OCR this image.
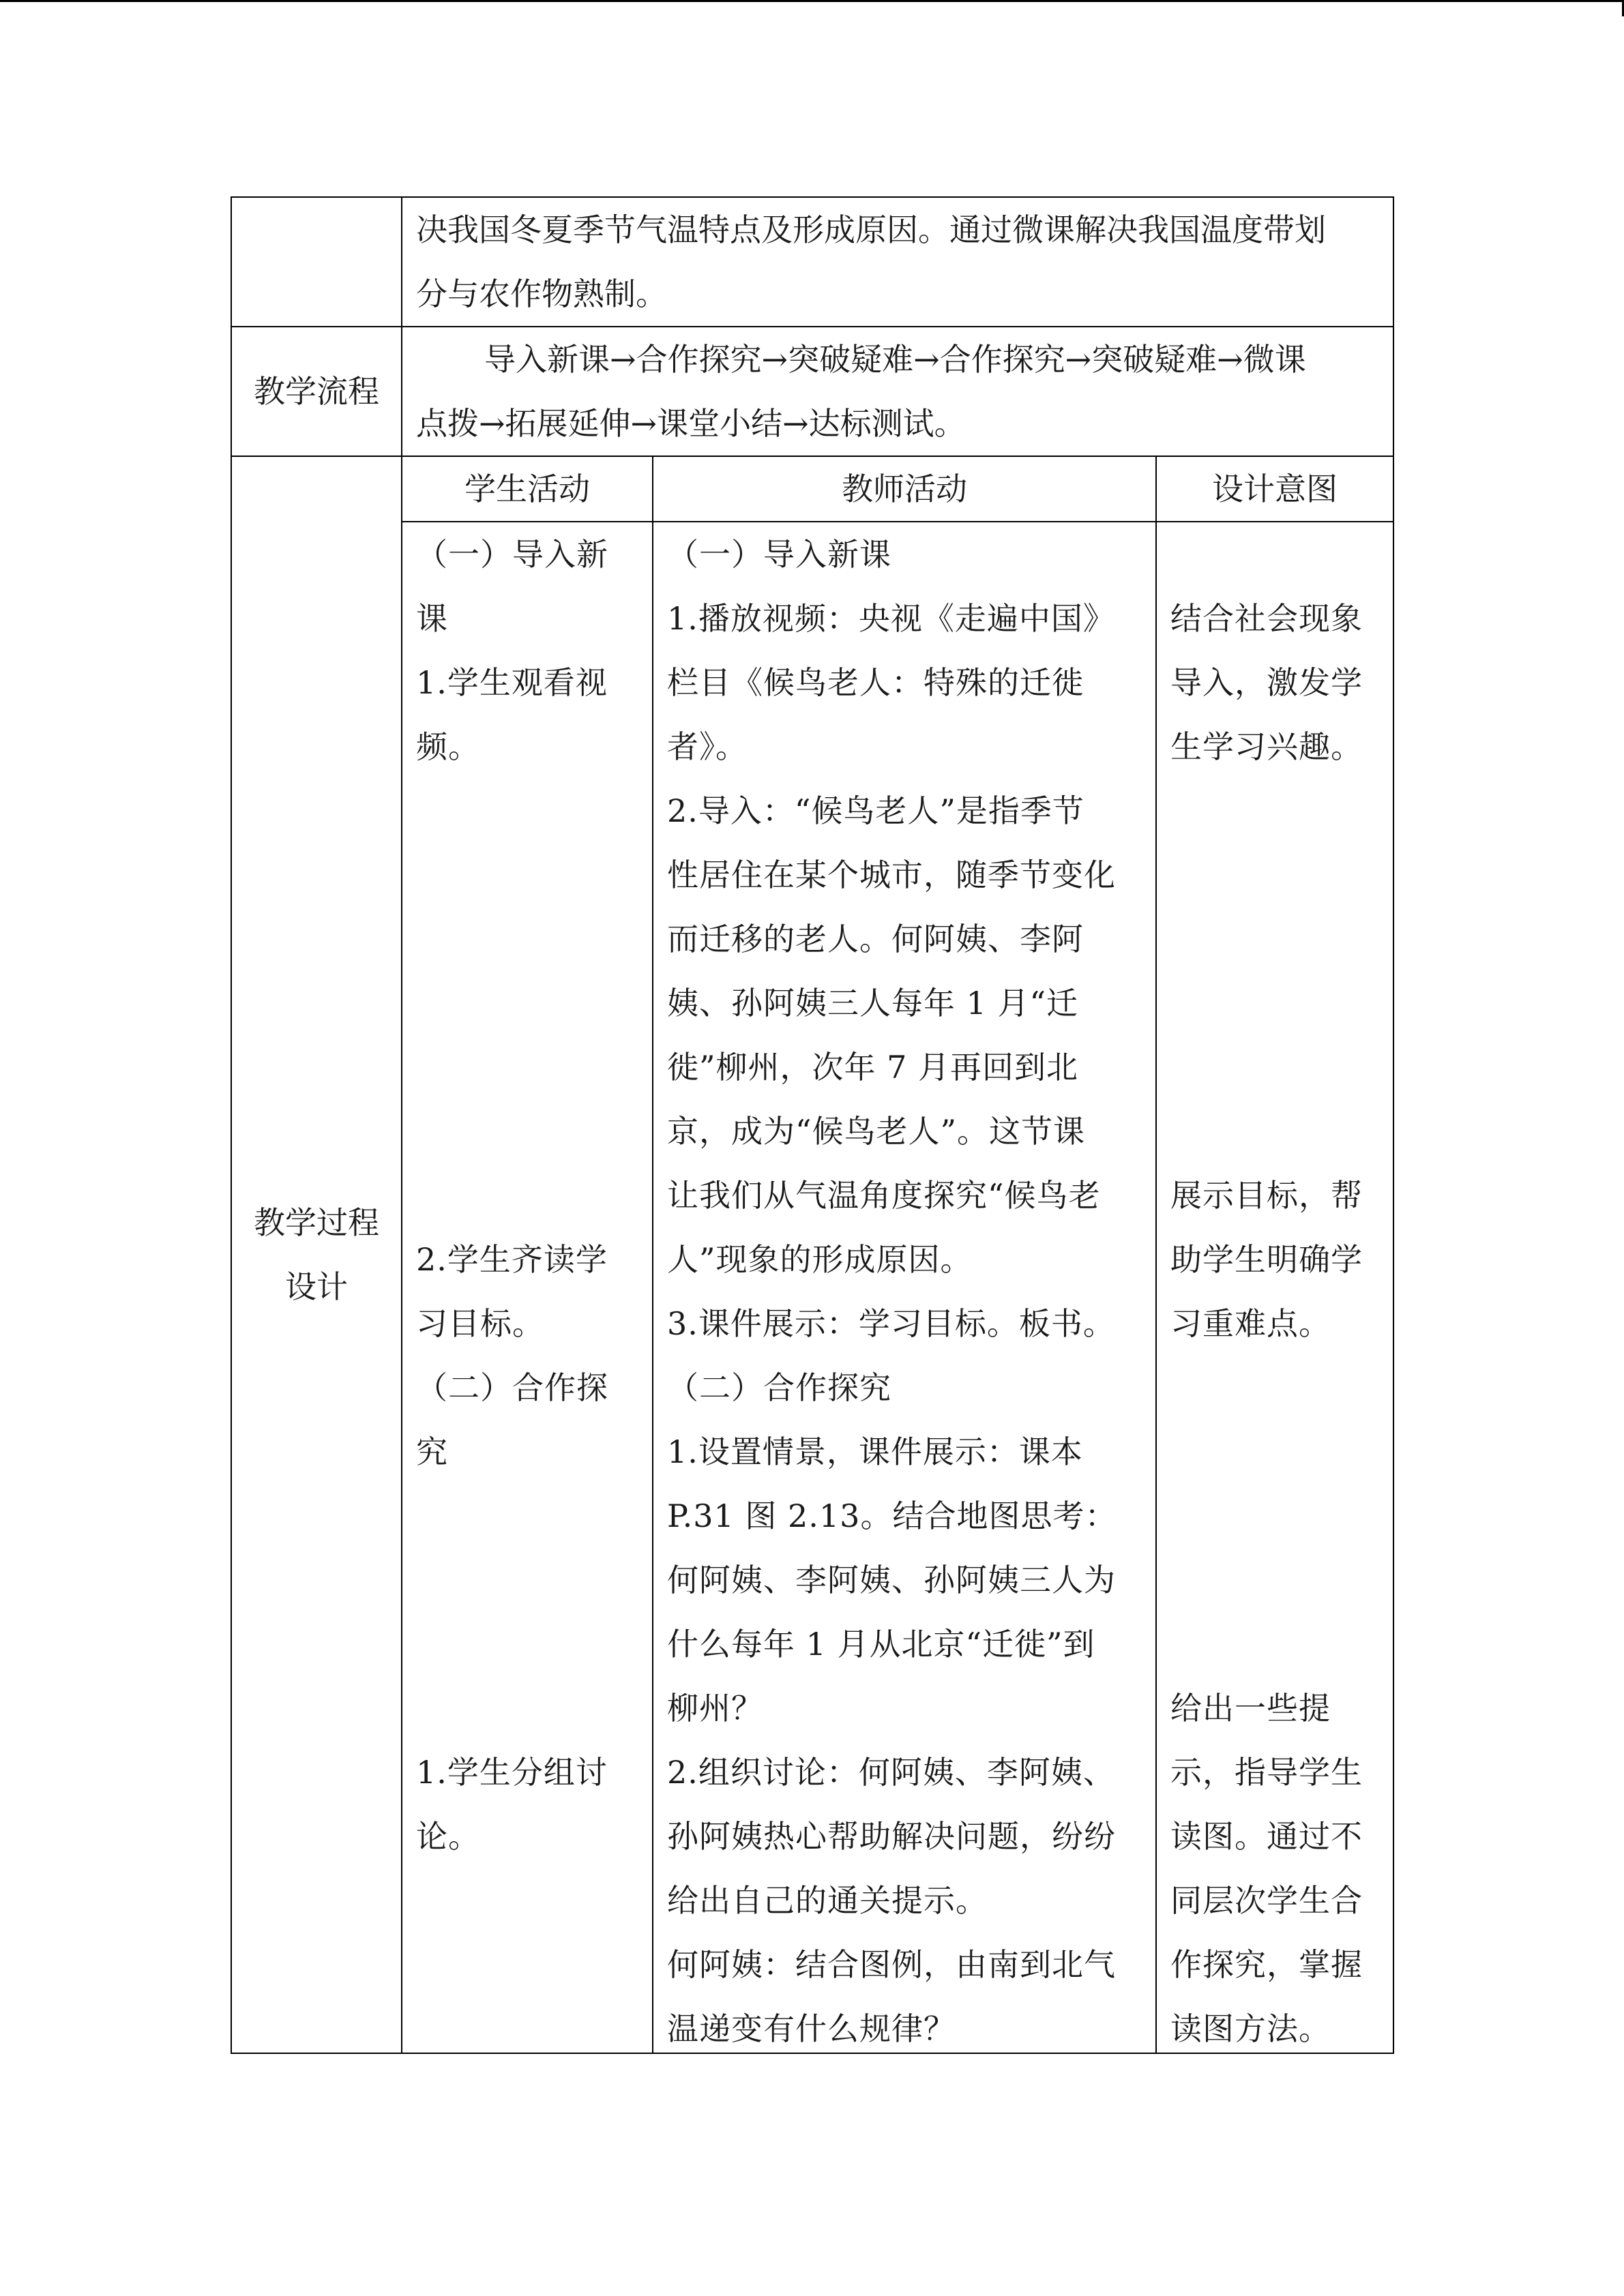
决我国冬夏季节气温特点及形成原因。通过微课解决我国温度带划
分与农作物熟制。
教学流程
导入新课→合作探究→突破疑难→合作探究→突破疑难→微课
点拨→拓展延伸→课堂小结→达标测试。
教学过程
设计
学生活动	教师活动	设计意图
（一）导入新
课
1.学生观看视
频。
2.学生齐读学
习目标。
（二）合作探
究
1.学生分组讨
论。
（一）导入新课
1.播放视频：央视《走遍中国》
栏目《候鸟老人：特殊的迁徙
者》。
2.导入：“候鸟老人”是指季节
性居住在某个城市，随季节变化
而迁移的老人。何阿姨、李阿
姨、孙阿姨三人每年 1 月“迁
徙”柳州，次年 7 月再回到北
京，成为“候鸟老人”。这节课
让我们从气温角度探究“候鸟老
人”现象的形成原因。
3.课件展示：学习目标。板书。
（二）合作探究
1.设置情景，课件展示：课本
P.31 图 2.13。结合地图思考：
何阿姨、李阿姨、孙阿姨三人为
什么每年 1 月从北京“迁徙”到
柳州？
2.组织讨论：何阿姨、李阿姨、
孙阿姨热心帮助解决问题，纷纷
给出自己的通关提示。
何阿姨：结合图例，由南到北气
温递变有什么规律？
结合社会现象
导入，激发学
生学习兴趣。
展示目标，帮
助学生明确学
习重难点。
给出一些提
示，指导学生
读图。通过不
同层次学生合
作探究，掌握
读图方法。
